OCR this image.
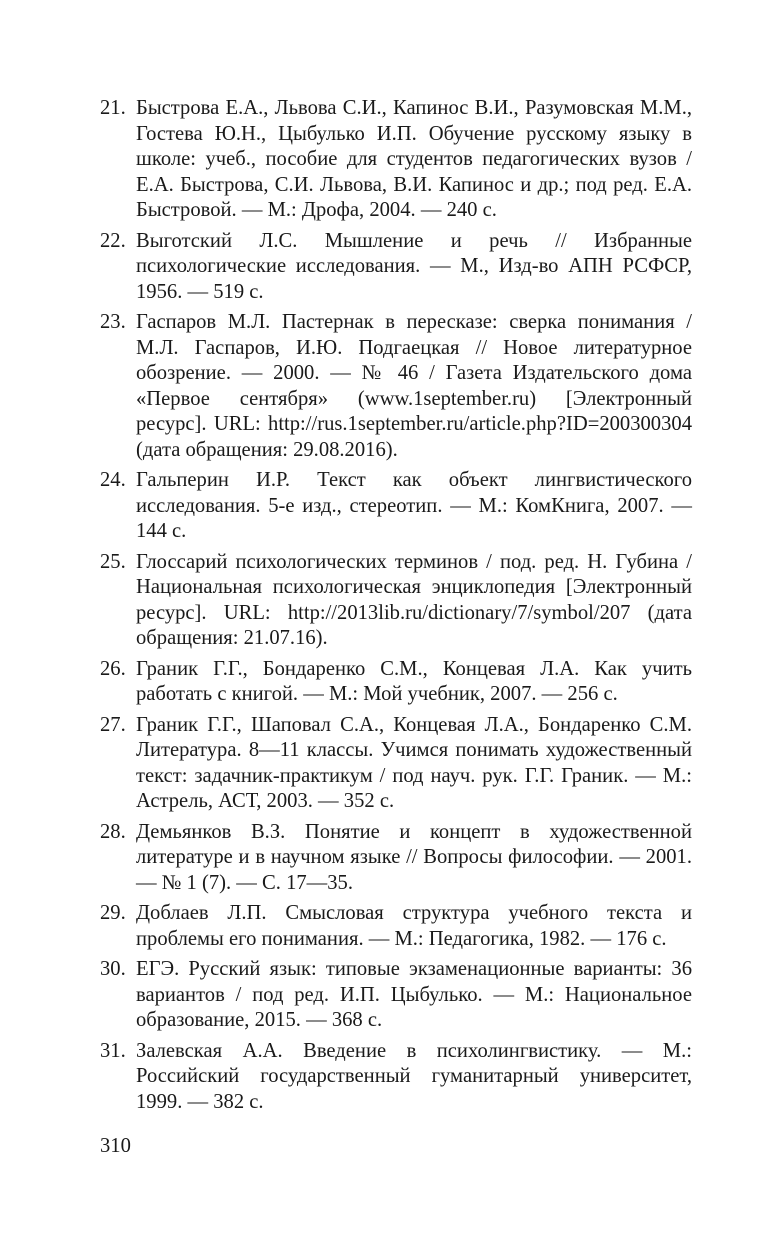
21. Быстрова Е.А., Львова С.И., Капинос В.И., Разумовская М.М., Гостева Ю.Н., Цыбулько И.П. Обучение русскому языку в школе: учеб., пособие для студентов педагогических вузов / Е.А. Быстрова, С.И. Львова, В.И. Капинос и др.; под ред. Е.А. Быстровой. — М.: Дрофа, 2004. — 240 с.
22. Выготский Л.С. Мышление и речь // Избранные психологические исследования. — М., Изд-во АПН РСФСР, 1956. — 519 с.
23. Гаспаров М.Л. Пастернак в пересказе: сверка понимания / М.Л. Гаспаров, И.Ю. Подгаецкая // Новое литературное обозрение. — 2000. — № 46 / Газета Издательского дома «Первое сентября» (www.1september.ru) [Электронный ресурс]. URL: http://rus.1september.ru/article.php?ID=200300304 (дата обращения: 29.08.2016).
24. Гальперин И.Р. Текст как объект лингвистического исследования. 5-е изд., стереотип. — М.: КомКнига, 2007. — 144 с.
25. Глоссарий психологических терминов / под. ред. Н. Губина / Национальная психологическая энциклопедия [Электронный ресурс]. URL: http://2013lib.ru/dictionary/7/symbol/207 (дата обращения: 21.07.16).
26. Граник Г.Г., Бондаренко С.М., Концевая Л.А. Как учить работать с книгой. — М.: Мой учебник, 2007. — 256 с.
27. Граник Г.Г., Шаповал С.А., Концевая Л.А., Бондаренко С.М. Литература. 8—11 классы. Учимся понимать художественный текст: задачник-практикум / под науч. рук. Г.Г. Граник. — М.: Астрель, АСТ, 2003. — 352 с.
28. Демьянков В.З. Понятие и концепт в художественной литературе и в научном языке // Вопросы философии. — 2001. — № 1 (7). — С. 17—35.
29. Доблаев Л.П. Смысловая структура учебного текста и проблемы его понимания. — М.: Педагогика, 1982. — 176 с.
30. ЕГЭ. Русский язык: типовые экзаменационные варианты: 36 вариантов / под ред. И.П. Цыбулько. — М.: Национальное образование, 2015. — 368 с.
31. Залевская А.А. Введение в психолингвистику. — М.: Российский государственный гуманитарный университет, 1999. — 382 с.
310
